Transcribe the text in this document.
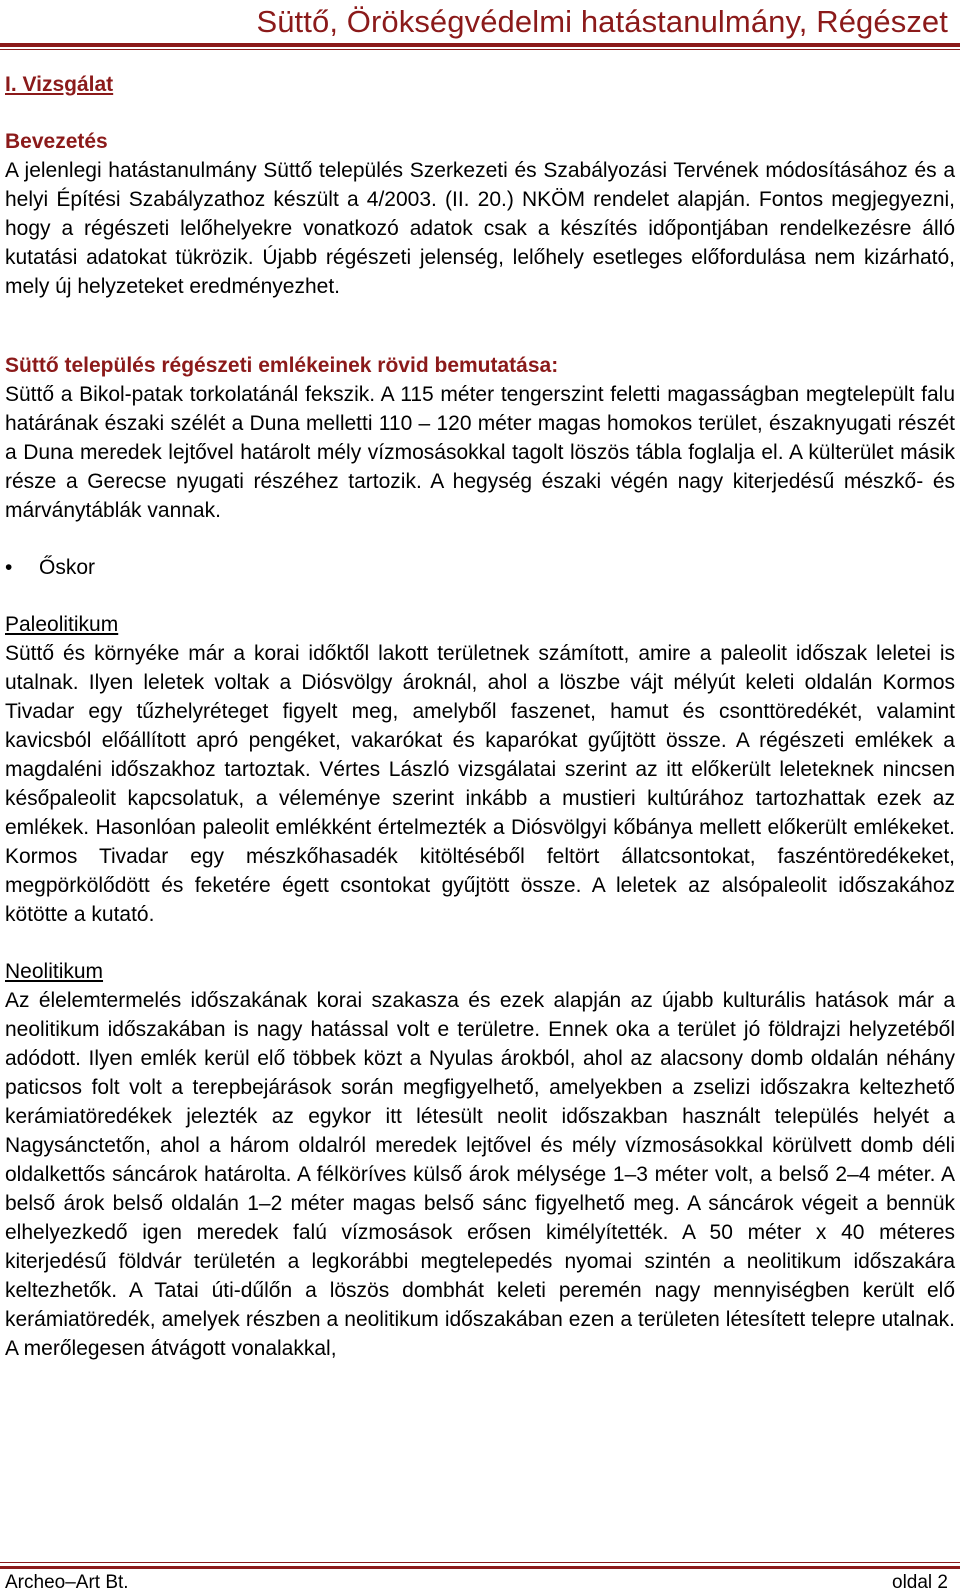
Süttő, Örökségvédelmi hatástanulmány, Régészet

I. Vizsgálat

Bevezetés

A jelenlegi hatástanulmány Süttő település Szerkezeti és Szabályozási Tervének módosításához és a helyi Építési Szabályzathoz készült a 4/2003. (II. 20.) NKÖM rendelet alapján. Fontos megjegyezni, hogy a régészeti lelőhelyekre vonatkozó adatok csak a készítés időpontjában rendelkezésre álló kutatási adatokat tükrözik. Újabb régészeti jelenség, lelőhely esetleges előfordulása nem kizárható, mely új helyzeteket eredményezhet.

Süttő település régészeti emlékeinek rövid bemutatása:

Süttő a Bikol-patak torkolatánál fekszik. A 115 méter tengerszint feletti magasságban megtelepült falu határának északi szélét a Duna melletti 110 – 120 méter magas homokos terület, északnyugati részét a Duna meredek lejtővel határolt mély vízmosásokkal tagolt löszös tábla foglalja el. A külterület másik része a Gerecse nyugati részéhez tartozik. A hegység északi végén nagy kiterjedésű mészkő- és márványtáblák vannak.

•	Őskor

Paleolitikum

Süttő és környéke már a korai időktől lakott területnek számított, amire a paleolit időszak leletei is utalnak. Ilyen leletek voltak a Diósvölgy ároknál, ahol a löszbe vájt mélyút keleti oldalán Kormos Tivadar egy tűzhelyréteget figyelt meg, amelyből faszenet, hamut és csonttöredékét, valamint kavicsból előállított apró pengéket, vakarókat és kaparókat gyűjtött össze. A régészeti emlékek a magdaléni időszakhoz tartoztak. Vértes László vizsgálatai szerint az itt előkerült leleteknek nincsen későpaleolit kapcsolatuk, a véleménye szerint inkább a mustieri kultúrához tartozhattak ezek az emlékek. Hasonlóan paleolit emlékként értelmezték a Diósvölgyi kőbánya mellett előkerült emlékeket. Kormos Tivadar egy mészkőhasadék kitöltéséből feltört állatcsontokat, faszéntöredékeket, megpörkölődött és feketére égett csontokat gyűjtött össze. A leletek az alsópaleolit időszakához kötötte a kutató.

Neolitikum

Az élelemtermelés időszakának korai szakasza és ezek alapján az újabb kulturális hatások már a neolitikum időszakában is nagy hatással volt e területre. Ennek oka a terület jó földrajzi helyzetéből adódott. Ilyen emlék kerül elő többek közt a Nyulas árokból, ahol az alacsony domb oldalán néhány paticsos folt volt a terepbejárások során megfigyelhető, amelyekben a zselizi időszakra keltezhető kerámiatöredékek jelezték az egykor itt létesült neolit időszakban használt település helyét a Nagysánctetőn, ahol a három oldalról meredek lejtővel és mély vízmosásokkal körülvett domb déli oldalkettős sáncárok határolta. A félköríves külső árok mélysége 1–3 méter volt, a belső 2–4 méter. A belső árok belső oldalán 1–2 méter magas belső sánc figyelhető meg. A sáncárok végeit a bennük elhelyezkedő igen meredek falú vízmosások erősen kimélyítették. A 50 méter x 40 méteres kiterjedésű földvár területén a legkorábbi megtelepedés nyomai szintén a neolitikum időszakára keltezhetők. A Tatai úti-dűlőn a löszös dombhát keleti peremén nagy mennyiségben került elő kerámiatöredék, amelyek részben a neolitikum időszakában ezen a területen létesített telepre utalnak. A merőlegesen átvágott vonalakkal,

Archeo–Art Bt.	oldal 2
